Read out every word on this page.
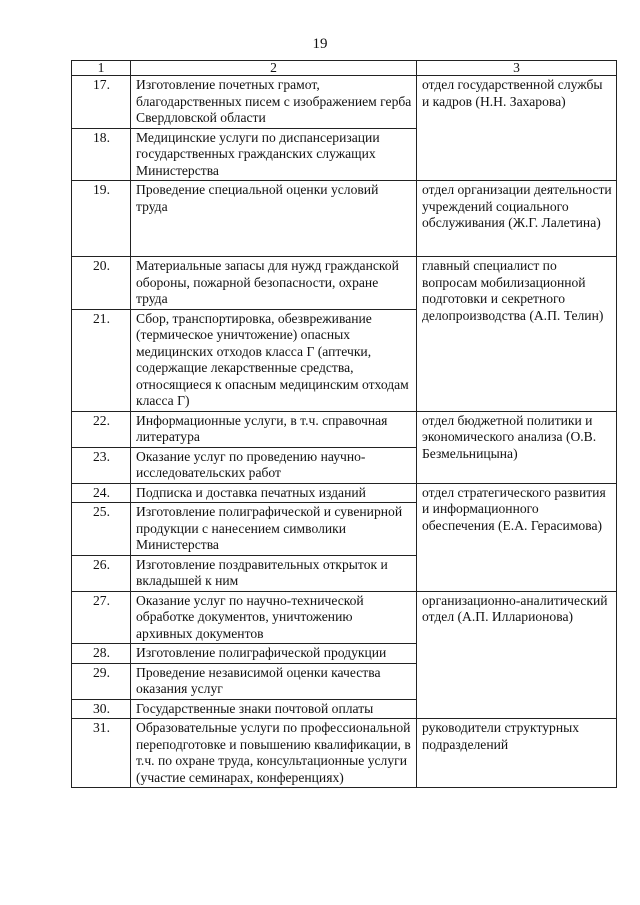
19
1	2	3
17.	Изготовление почетных грамот, благодарственных писем с изображением герба Свердловской области	отдел государственной службы и кадров (Н.Н. Захарова)
18.	Медицинские услуги по диспансеризации государственных гражданских служащих Министерства	
19.	Проведение специальной оценки условий труда	отдел организации деятельности учреждений социального обслуживания (Ж.Г. Лалетина)
20.	Материальные запасы для нужд гражданской обороны, пожарной безопасности, охране труда	главный специалист по вопросам мобилизационной подготовки и секретного делопроизводства (А.П. Телин)
21.	Сбор, транспортировка, обезвреживание (термическое уничтожение) опасных медицинских отходов класса Г (аптечки, содержащие лекарственные средства, относящиеся к опасным медицинским отходам класса Г)	
22.	Информационные услуги, в т.ч. справочная литература	отдел бюджетной политики и экономического анализа (О.В. Безмельницына)
23.	Оказание услуг по проведению научно-исследовательских работ	
24.	Подписка и доставка печатных изданий	отдел стратегического развития и информационного обеспечения (Е.А. Герасимова)
25.	Изготовление полиграфической и сувенирной продукции с нанесением символики Министерства	
26.	Изготовление поздравительных открыток и вкладышей к ним	
27.	Оказание услуг по научно-технической обработке документов, уничтожению архивных документов	организационно-аналитический отдел (А.П. Илларионова)
28.	Изготовление полиграфической продукции	
29.	Проведение независимой оценки качества оказания услуг	
30.	Государственные знаки почтовой оплаты	
31.	Образовательные услуги по профессиональной переподготовке и повышению квалификации, в т.ч. по охране труда, консультационные услуги (участие семинарах, конференциях)	руководители структурных подразделений
